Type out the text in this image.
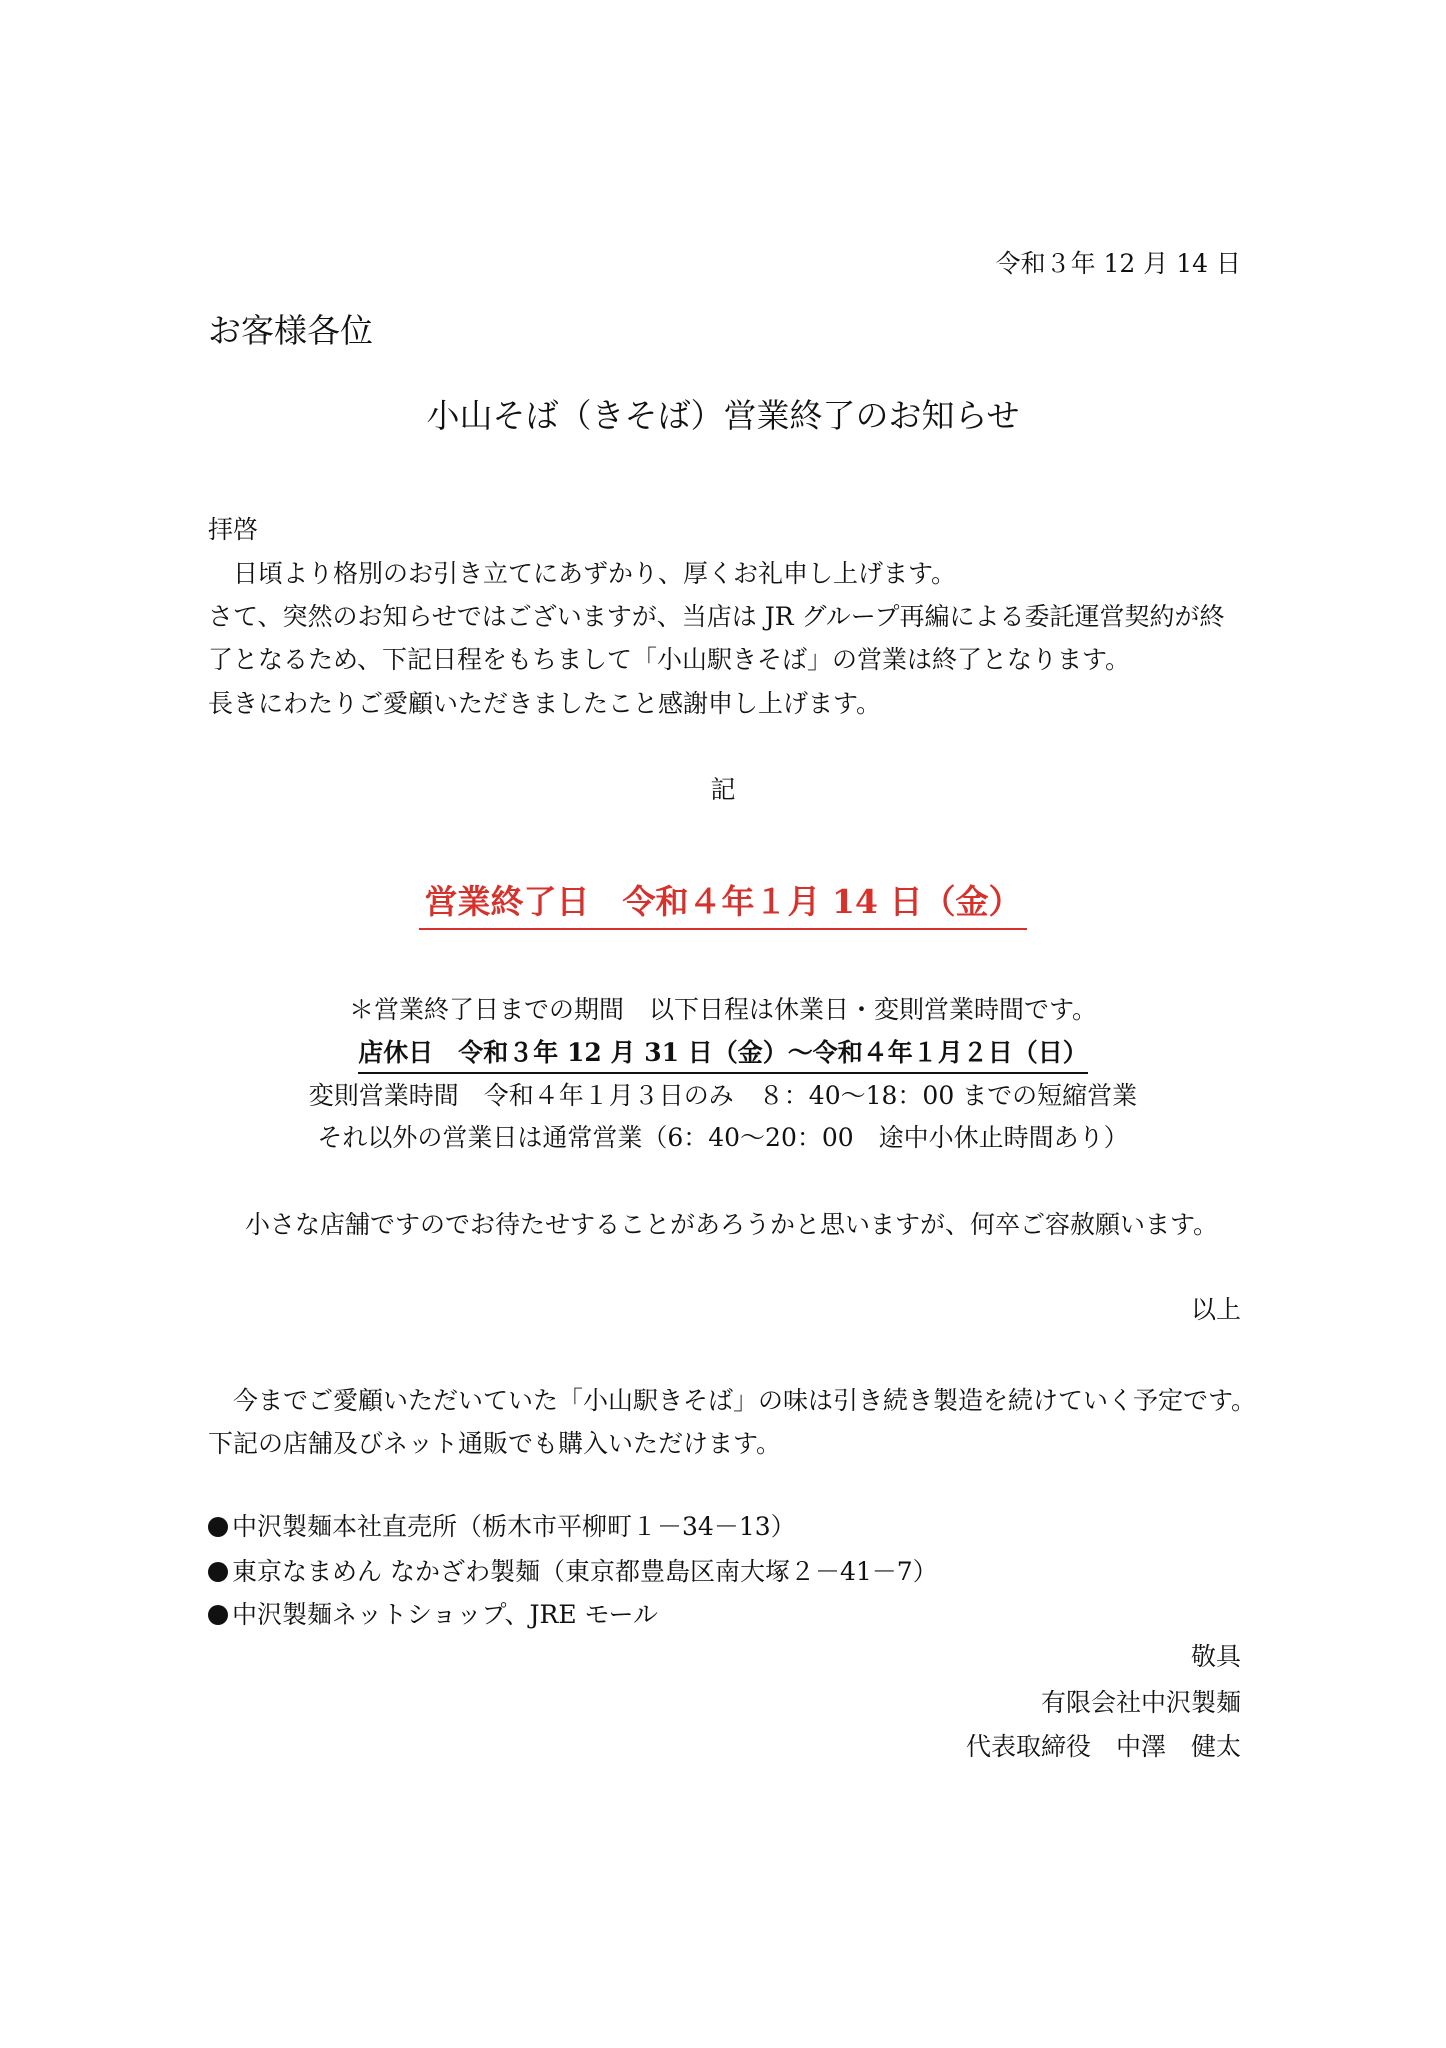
令和３年 12 月 14 日
お客様各位
小山そば（きそば）営業終了のお知らせ
拝啓
日頃より格別のお引き立てにあずかり、厚くお礼申し上げます。
さて、突然のお知らせではございますが、当店は JR グループ再編による委託運営契約が終
了となるため、下記日程をもちまして「小山駅きそば」の営業は終了となります。
長きにわたりご愛顧いただきましたこと感謝申し上げます。
記
営業終了日　令和４年１月 14 日（金）
＊営業終了日までの期間　以下日程は休業日・変則営業時間です。
店休日　令和３年 12 月 31 日（金）～令和４年１月２日（日）
変則営業時間　令和４年１月３日のみ　８：40～18：00 までの短縮営業
それ以外の営業日は通常営業（6：40～20：00　途中小休止時間あり）
小さな店舗ですのでお待たせすることがあろうかと思いますが、何卒ご容赦願います。
以上
今までご愛顧いただいていた「小山駅きそば」の味は引き続き製造を続けていく予定です。
下記の店舗及びネット通販でも購入いただけます。
中沢製麺本社直売所（栃木市平柳町１－34－13）
東京なまめん なかざわ製麺（東京都豊島区南大塚２－41－7）
中沢製麺ネットショップ、JRE モール
敬具
有限会社中沢製麺
代表取締役　中澤　健太
